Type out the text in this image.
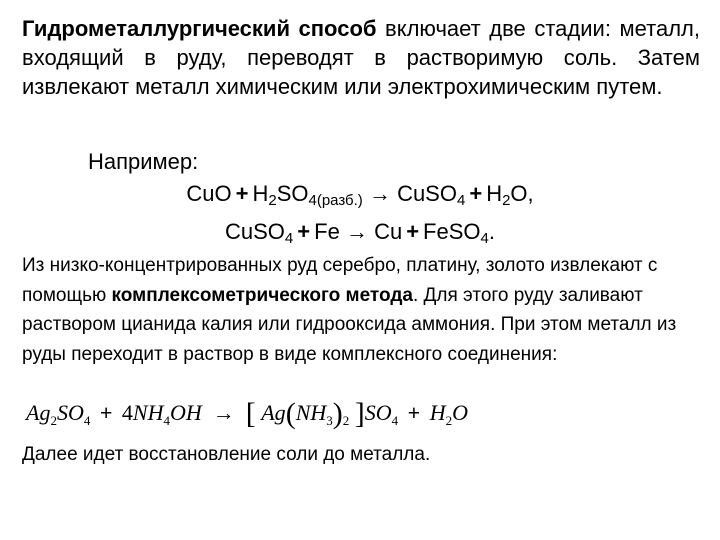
Гидрометаллургический способ включает две стадии: металл, входящий в руду, переводят в растворимую соль. Затем извлекают металл химическим или электрохимическим путем.

Например:
CuO + $H_2SO_{4(разб.)}$ → CuSO$_4$ + $H_2O$,
CuSO$_4$ + Fe → Cu + FeSO$_4$.

Из низко-концентрированных руд серебро, платину, золото извлекают с помощью комплексометрического метода. Для этого руду заливают раствором цианида калия или гидрооксида аммония. При этом металл из руды переходит в раствор в виде комплексного соединения:

$Ag_2SO_4 + 4NH_4OH$ → [ $Ag(NH_3)_2$ ]$SO_4 + H_2O$
Далее идет восстановление соли до металла.
